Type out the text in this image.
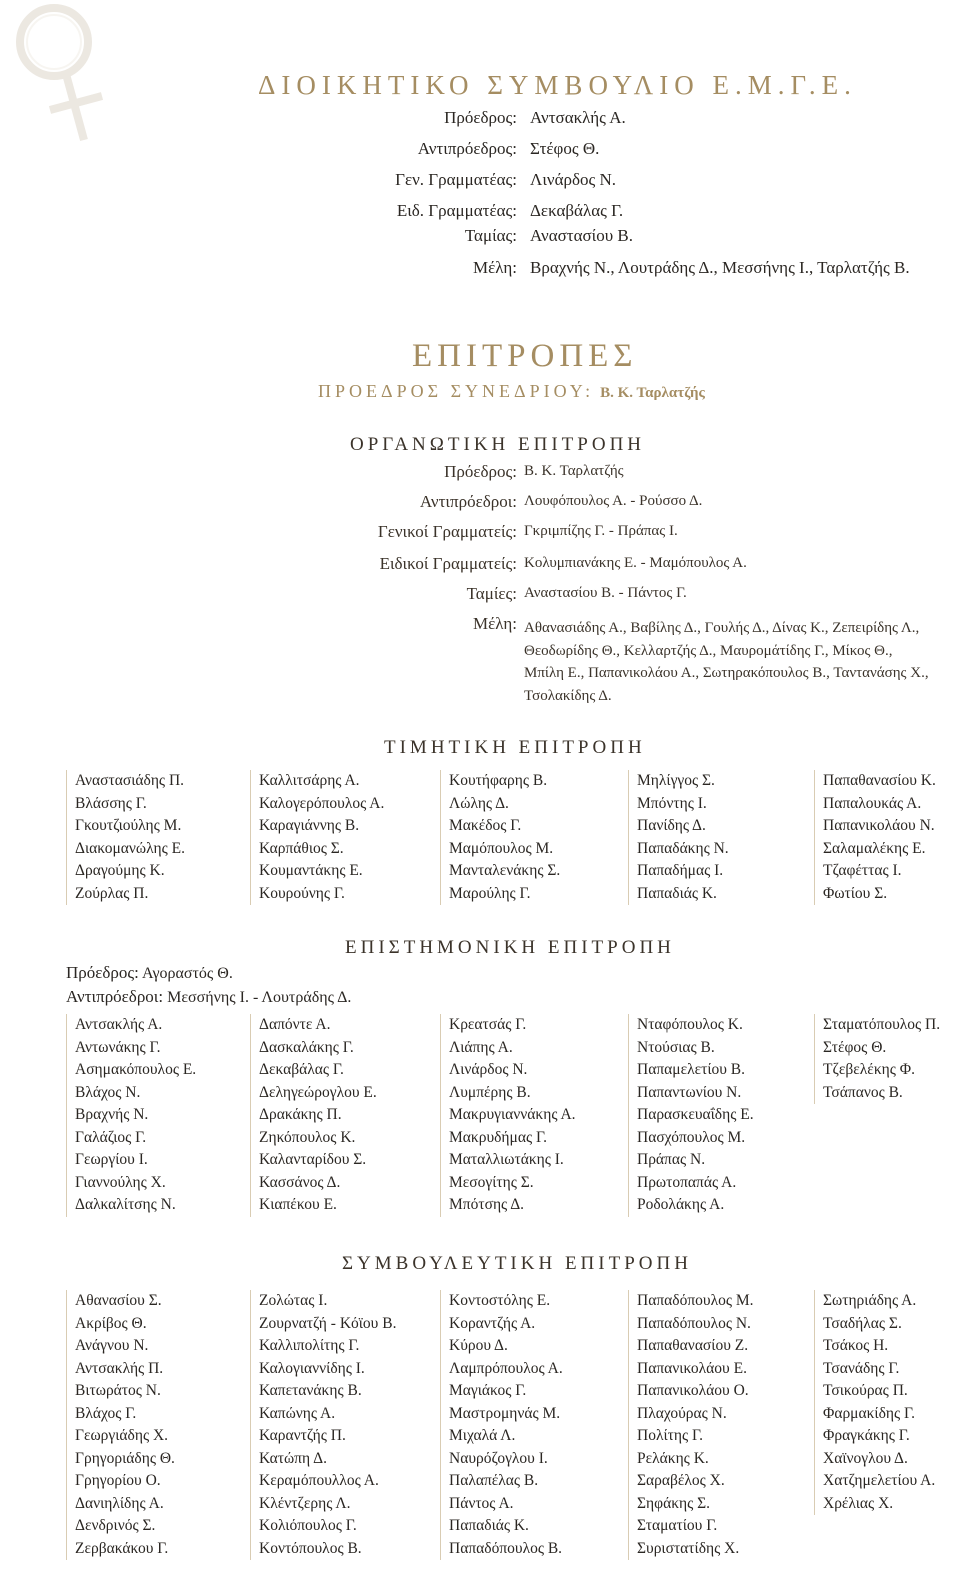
ΔΙΟΙΚΗΤΙΚΟ ΣΥΜΒΟΥΛΙΟ Ε.Μ.Γ.Ε.
Πρόεδρος: Αντσακλής Α.
Αντιπρόεδρος: Στέφος Θ.
Γεν. Γραμματέας: Λινάρδος Ν.
Ειδ. Γραμματέας: Δεκαβάλας Γ.
Ταμίας: Αναστασίου Β.
Μέλη: Βραχνής Ν., Λουτράδης Δ., Μεσσήνης Ι., Ταρλατζής Β.
ΕΠΙΤΡΟΠΕΣ
ΠΡΟΕΔΡΟΣ ΣΥΝΕΔΡΙΟΥ: Β. Κ. Ταρλατζής
ΟΡΓΑΝΩΤΙΚΗ ΕΠΙΤΡΟΠΗ
Πρόεδρος: Β. Κ. Ταρλατζής
Αντιπρόεδροι: Λουφόπουλος Α. - Ρούσσο Δ.
Γενικοί Γραμματείς: Γκριμπίζης Γ. - Πράπας Ι.
Ειδικοί Γραμματείς: Κολυμπιανάκης Ε. - Μαμόπουλος Α.
Ταμίες: Αναστασίου Β. - Πάντος Γ.
Μέλη: Αθανασιάδης Α., Βαβίλης Δ., Γουλής Δ., Δίνας Κ., Ζεπειρίδης Λ.,
Θεοδωρίδης Θ., Κελλαρτζής Δ., Μαυρομάτίδης Γ., Μίκος Θ.,
Μπίλη Ε., Παπανικολάου Α., Σωτηρακόπουλος Β., Ταντανάσης Χ.,
Τσολακίδης Δ.
ΤΙΜΗΤΙΚΗ ΕΠΙΤΡΟΠΗ
Αναστασιάδης Π.
Βλάσσης Γ.
Γκουτζιούλης Μ.
Διακομανώλης Ε.
Δραγούμης Κ.
Ζούρλας Π.
Καλλιτσάρης Α.
Καλογερόπουλος Α.
Καραγιάννης Β.
Καρπάθιος Σ.
Κουμαντάκης Ε.
Κουρούνης Γ.
Κουτήφαρης Β.
Λώλης Δ.
Μακέδος Γ.
Μαμόπουλος Μ.
Μανταλενάκης Σ.
Μαρούλης Γ.
Μηλίγγος Σ.
Μπόντης Ι.
Πανίδης Δ.
Παπαδάκης Ν.
Παπαδήμας Ι.
Παπαδιάς Κ.
Παπαθανασίου Κ.
Παπαλουκάς Α.
Παπανικολάου Ν.
Σαλαμαλέκης Ε.
Τζαφέττας Ι.
Φωτίου Σ.
ΕΠΙΣΤΗΜΟΝΙΚΗ ΕΠΙΤΡΟΠΗ
Πρόεδρος: Αγοραστός Θ.
Αντιπρόεδροι: Μεσσήνης Ι. - Λουτράδης Δ.
Αντσακλής Α.
Αντωνάκης Γ.
Ασημακόπουλος Ε.
Βλάχος Ν.
Βραχνής Ν.
Γαλάζιος Γ.
Γεωργίου Ι.
Γιαννούλης Χ.
Δαλκαλίτσης Ν.
Δαπόντε Α.
Δασκαλάκης Γ.
Δεκαβάλας Γ.
Δεληγεώρογλου Ε.
Δρακάκης Π.
Ζηκόπουλος Κ.
Καλανταρίδου Σ.
Κασσάνος Δ.
Κιαπέκου Ε.
Κρεατσάς Γ.
Λιάπης Α.
Λινάρδος Ν.
Λυμπέρης Β.
Μακρυγιαννάκης Α.
Μακρυδήμας Γ.
Ματαλλιωτάκης Ι.
Μεσογίτης Σ.
Μπότσης Δ.
Νταφόπουλος Κ.
Ντούσιας Β.
Παπαμελετίου Β.
Παπαντωνίου Ν.
Παρασκευαΐδης Ε.
Πασχόπουλος Μ.
Πράπας Ν.
Πρωτοπαπάς Α.
Ροδολάκης Α.
Σταματόπουλος Π.
Στέφος Θ.
Τζεβελέκης Φ.
Τσάπανος Β.
ΣΥΜΒΟΥΛΕΥΤΙΚΗ ΕΠΙΤΡΟΠΗ
Αθανασίου Σ.
Ακρίβος Θ.
Ανάγνου Ν.
Αντσακλής Π.
Βιτωράτος Ν.
Βλάχος Γ.
Γεωργιάδης Χ.
Γρηγοριάδης Θ.
Γρηγορίου Ο.
Δανιηλίδης Α.
Δενδρινός Σ.
Ζερβακάκου Γ.
Ζολώτας Ι.
Ζουρνατζή - Κόϊου Β.
Καλλιπολίτης Γ.
Καλογιαννίδης Ι.
Καπετανάκης Β.
Καπώνης Α.
Καραντζής Π.
Κατώπη Δ.
Κεραμόπουλλος Α.
Κλέντζερης Λ.
Κολιόπουλος Γ.
Κοντόπουλος Β.
Κοντοστόλης Ε.
Κοραντζής Α.
Κύρου Δ.
Λαμπρόπουλος Α.
Μαγιάκος Γ.
Μαστρομηνάς Μ.
Μιχαλά Λ.
Ναυρόζογλου Ι.
Παλαπέλας Β.
Πάντος Α.
Παπαδιάς Κ.
Παπαδόπουλος Β.
Παπαδόπουλος Μ.
Παπαδόπουλος Ν.
Παπαθανασίου Ζ.
Παπανικολάου Ε.
Παπανικολάου Ο.
Πλαχούρας Ν.
Πολίτης Γ.
Ρελάκης Κ.
Σαραβέλος Χ.
Σηφάκης Σ.
Σταματίου Γ.
Συριστατίδης Χ.
Σωτηριάδης Α.
Τσαδήλας Σ.
Τσάκος Η.
Τσανάδης Γ.
Τσικούρας Π.
Φαρμακίδης Γ.
Φραγκάκης Γ.
Χαϊνογλου Δ.
Χατζημελετίου Α.
Χρέλιας Χ.
